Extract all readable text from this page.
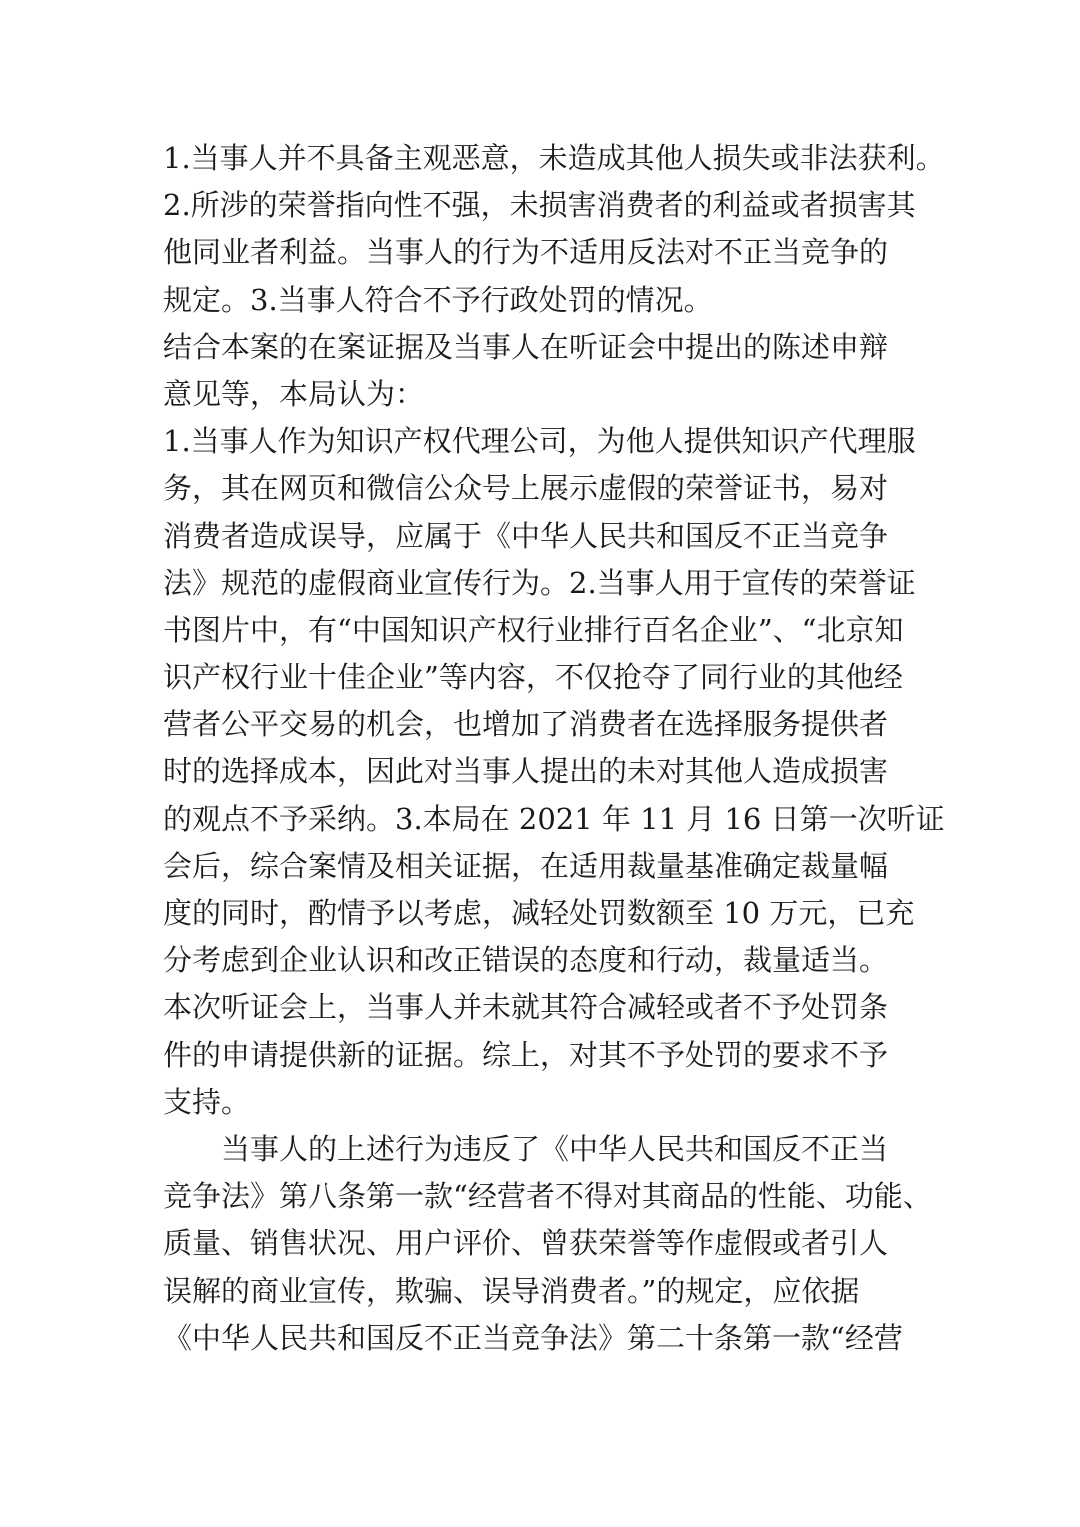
1.当事人并不具备主观恶意，未造成其他人损失或非法获利。
2.所涉的荣誉指向性不强，未损害消费者的利益或者损害其
他同业者利益。当事人的行为不适用反法对不正当竞争的
规定。3.当事人符合不予行政处罚的情况。
结合本案的在案证据及当事人在听证会中提出的陈述申辩
意见等，本局认为：
1.当事人作为知识产权代理公司，为他人提供知识产代理服
务，其在网页和微信公众号上展示虚假的荣誉证书，易对
消费者造成误导，应属于《中华人民共和国反不正当竞争
法》规范的虚假商业宣传行为。2.当事人用于宣传的荣誉证
书图片中，有“中国知识产权行业排行百名企业”、“北京知
识产权行业十佳企业”等内容，不仅抢夺了同行业的其他经
营者公平交易的机会，也增加了消费者在选择服务提供者
时的选择成本，因此对当事人提出的未对其他人造成损害
的观点不予采纳。3.本局在 2021 年 11 月 16 日第一次听证
会后，综合案情及相关证据，在适用裁量基准确定裁量幅
度的同时，酌情予以考虑，减轻处罚数额至 10 万元，已充
分考虑到企业认识和改正错误的态度和行动，裁量适当。
本次听证会上，当事人并未就其符合减轻或者不予处罚条
件的申请提供新的证据。综上，对其不予处罚的要求不予
支持。
当事人的上述行为违反了《中华人民共和国反不正当
竞争法》第八条第一款“经营者不得对其商品的性能、功能、
质量、销售状况、用户评价、曾获荣誉等作虚假或者引人
误解的商业宣传，欺骗、误导消费者。”的规定，应依据
《中华人民共和国反不正当竞争法》第二十条第一款“经营
